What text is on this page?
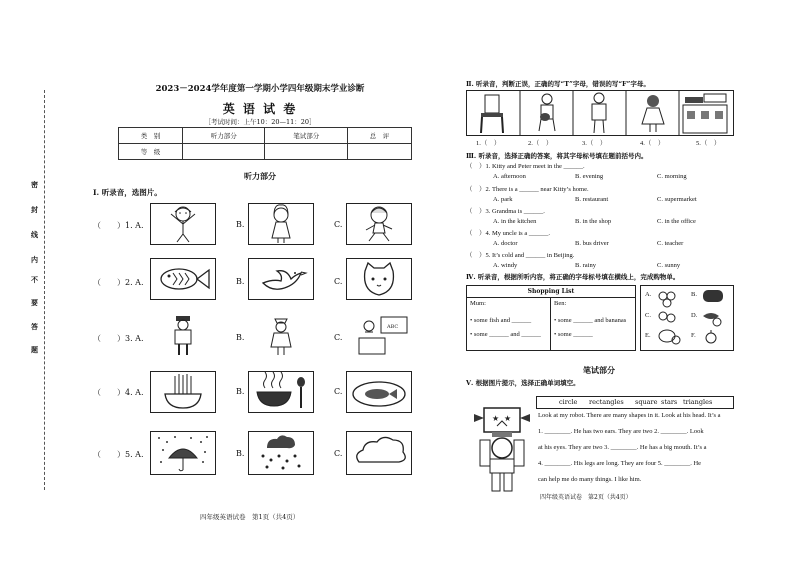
密
封
线
内
不
要
答
题
2023－2024学年度第一学期小学四年级期末学业诊断
英 语 试 卷
［考试时间：上午10：20—11：20］
类　别	听力部分	笔试部分	总　评
等　级			
听力部分
Ⅰ. 听录音，选图片。
（　　）1. A.	B.	C.
（　　）2. A.	B.	C.
（　　）3. A.	B.	C.
ABC
（　　）4. A.	B.	C.
（　　）5. A.	B.	C.
四年级英语试卷　第1页（共4页）
Ⅱ. 听录音，判断正误，正确的写“T”字母，错误的写“F”字母。
1.（　）	2.（　）	3.（　）	4.（　）	5.（　）
Ⅲ. 听录音，选择正确的答案，将其字母标号填在题前括号内。
（　）1. Kitty and Peter meet in the ______.
A. afternoon	B. evening	C. morning
（　）2. There is a ______ near Kitty’s home.
A. park	B. restaurant	C. supermarket
（　）3. Grandma is ______.
A. in the kitchen	B. in the shop	C. in the office
（　）4. My uncle is a ______.
A. doctor	B. bus driver	C. teacher
（　）5. It’s cold and ______ in Beijing.
A. windy	B. rainy	C. sunny
Ⅳ. 听录音，根据所听内容，将正确的字母标号填在横线上，完成购物单。
Shopping List
Mum:
• some fish and ______
• some ______ and ______
Ben:
• some ______ and bananas
• some ______
A.	B.
C.	D.
E.	F.
笔试部分
Ⅴ. 根据图片提示，选择正确单词填空。
circle rectangles square stars triangles
★ ★	Look at my robot. There are many shapes in it. Look at his head. It’s a
1. ________. He has two ears. They are two 2. ________. Look
at his eyes. They are two 3. ________. He has a big mouth. It’s a
4. ________. His legs are long. They are four 5. ________. He
can help me do many things. I like him.
四年级英语试卷　第2页（共4页）
